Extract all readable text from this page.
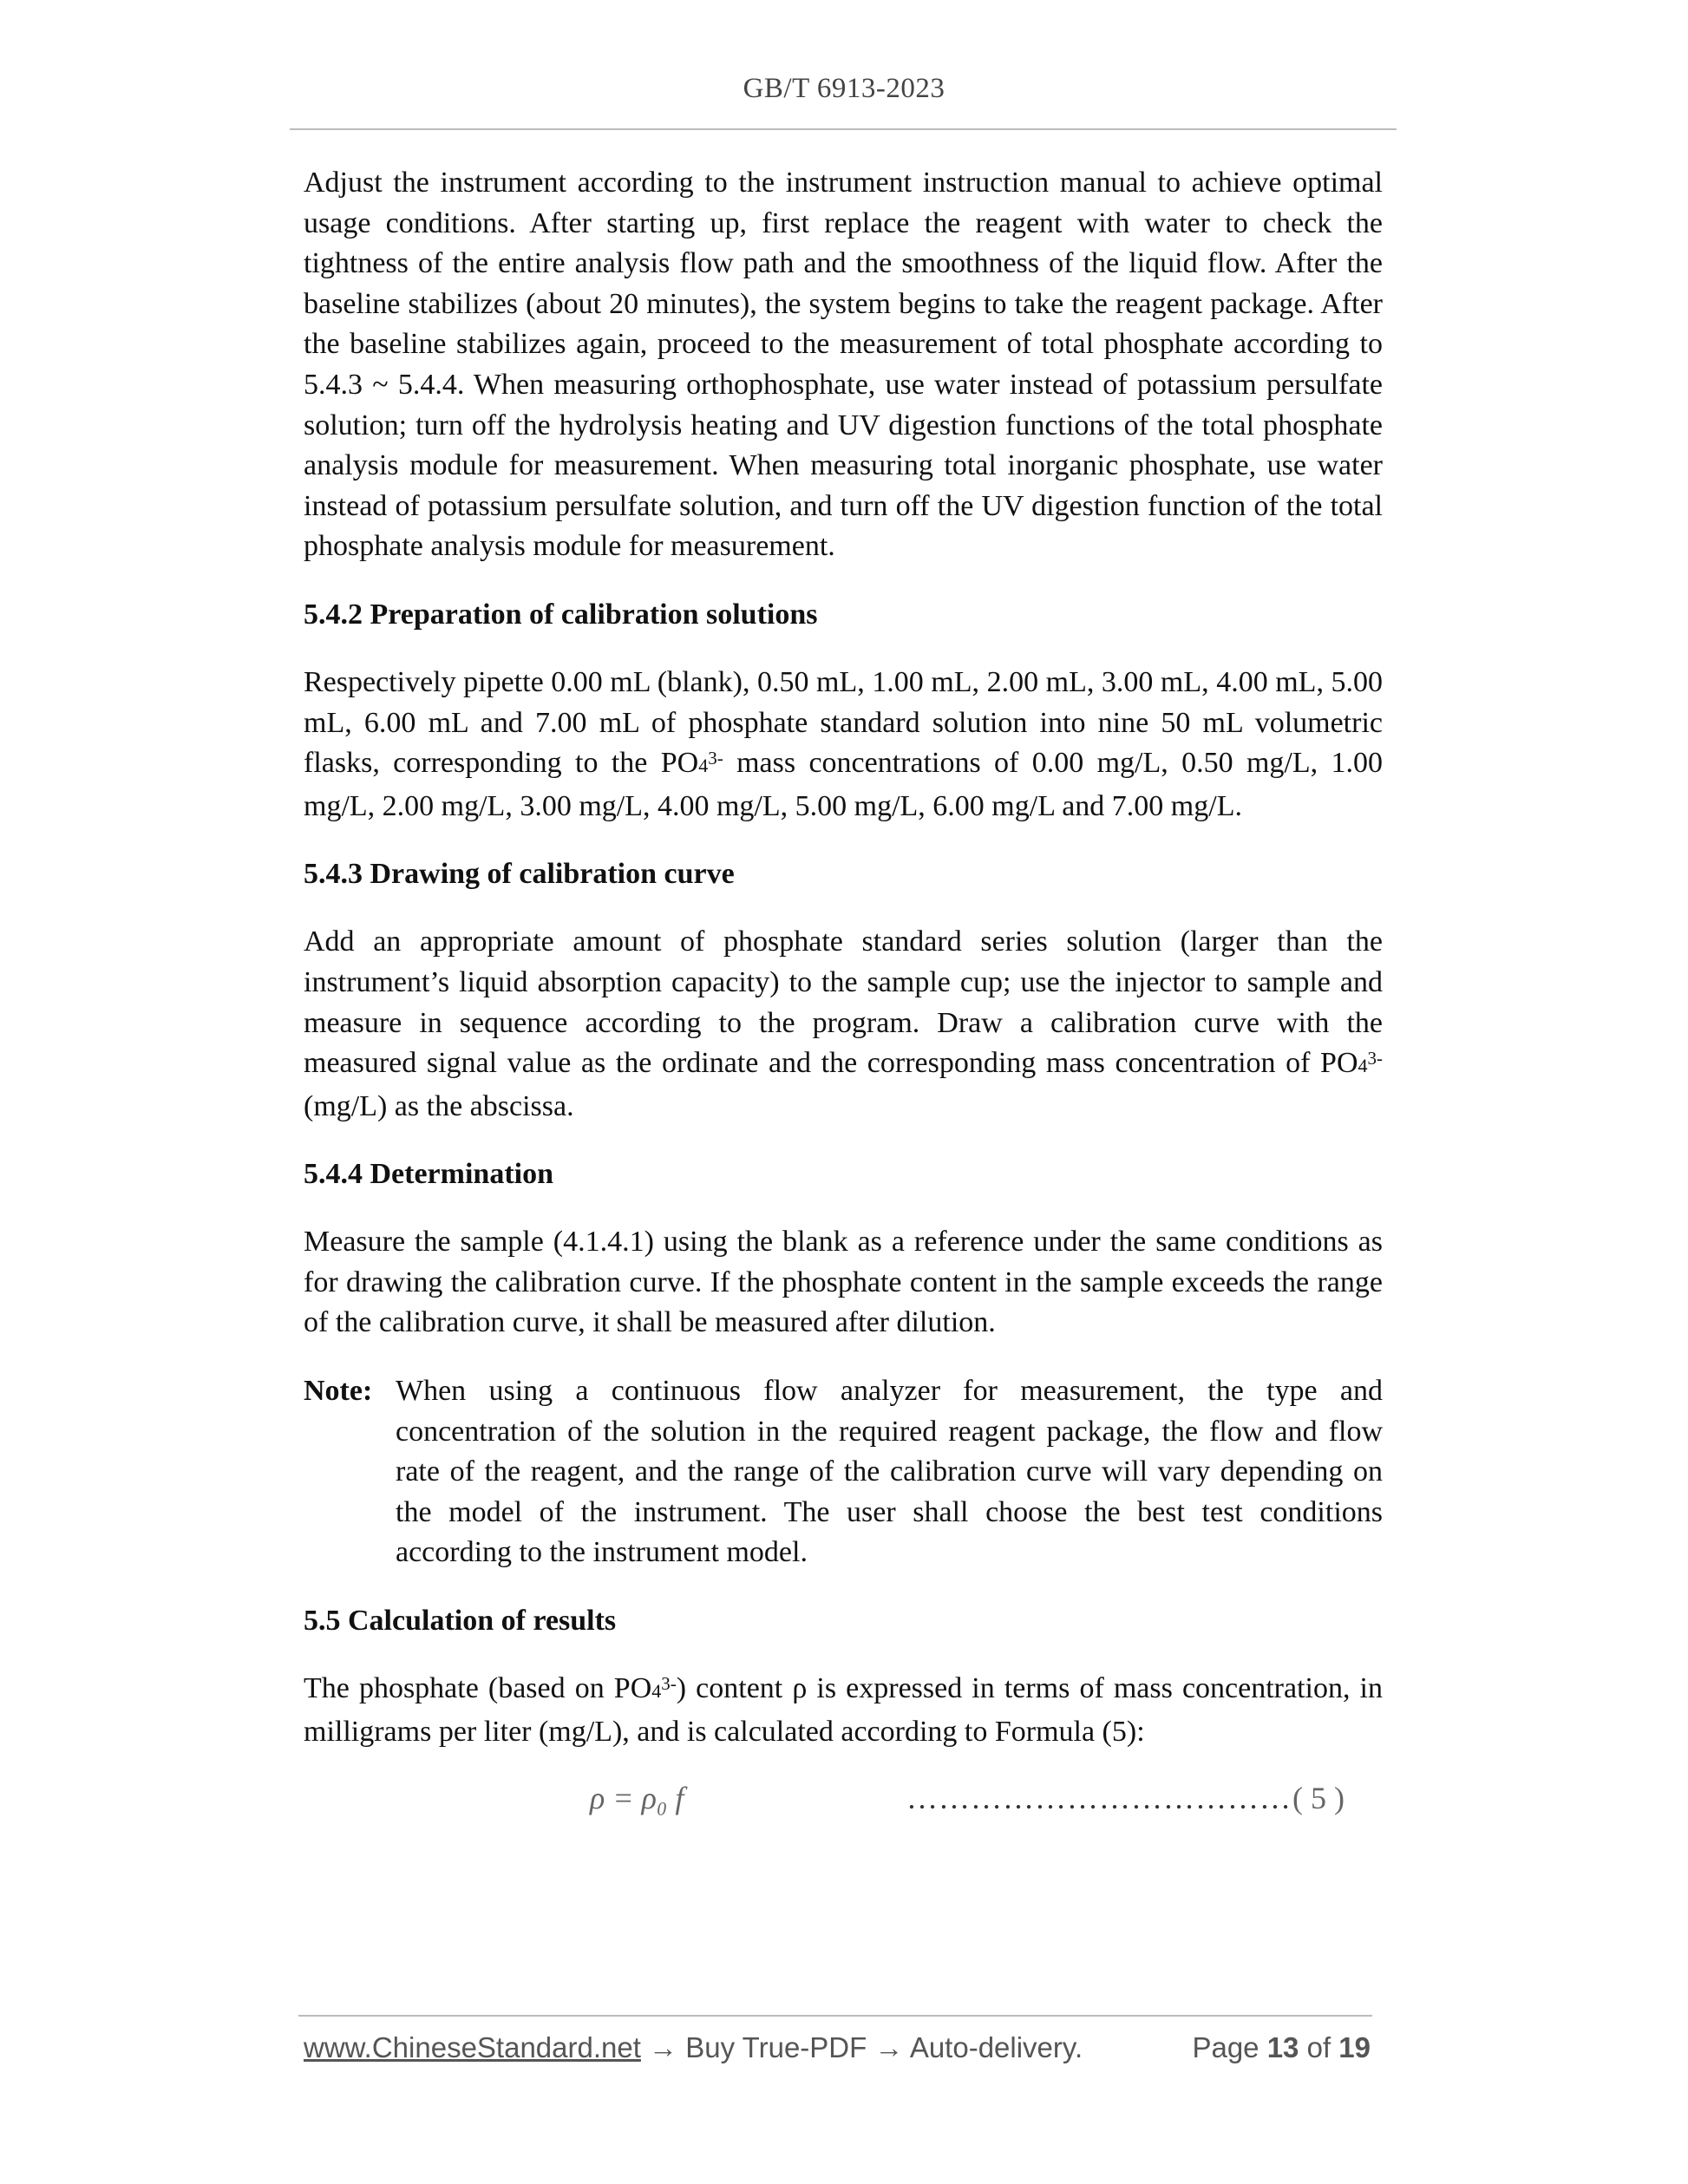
GB/T 6913-2023

Adjust the instrument according to the instrument instruction manual to achieve optimal usage conditions. After starting up, first replace the reagent with water to check the tightness of the entire analysis flow path and the smoothness of the liquid flow. After the baseline stabilizes (about 20 minutes), the system begins to take the reagent package. After the baseline stabilizes again, proceed to the measurement of total phosphate according to 5.4.3 ~ 5.4.4. When measuring orthophosphate, use water instead of potassium persulfate solution; turn off the hydrolysis heating and UV digestion functions of the total phosphate analysis module for measurement. When measuring total inorganic phosphate, use water instead of potassium persulfate solution, and turn off the UV digestion function of the total phosphate analysis module for measurement.

5.4.2 Preparation of calibration solutions

Respectively pipette 0.00 mL (blank), 0.50 mL, 1.00 mL, 2.00 mL, 3.00 mL, 4.00 mL, 5.00 mL, 6.00 mL and 7.00 mL of phosphate standard solution into nine 50 mL volumetric flasks, corresponding to the $PO4^{3-}$ mass concentrations of 0.00 mg/L, 0.50 mg/L, 1.00 mg/L, 2.00 mg/L, 3.00 mg/L, 4.00 mg/L, 5.00 mg/L, 6.00 mg/L and 7.00 mg/L.

5.4.3 Drawing of calibration curve

Add an appropriate amount of phosphate standard series solution (larger than the instrument’s liquid absorption capacity) to the sample cup; use the injector to sample and measure in sequence according to the program. Draw a calibration curve with the measured signal value as the ordinate and the corresponding mass concentration of $PO4^{3-}$ (mg/L) as the abscissa.

5.4.4 Determination

Measure the sample (4.1.4.1) using the blank as a reference under the same conditions as for drawing the calibration curve. If the phosphate content in the sample exceeds the range of the calibration curve, it shall be measured after dilution.

Note: When using a continuous flow analyzer for measurement, the type and concentration of the solution in the required reagent package, the flow and flow rate of the reagent, and the range of the calibration curve will vary depending on the model of the instrument. The user shall choose the best test conditions according to the instrument model.
5.5 Calculation of results

The phosphate (based on $PO4^{3-}$) content ρ is expressed in terms of mass concentration, in milligrams per liter (mg/L), and is calculated according to Formula (5):

ρ = ρ₀ f	……………………………… ( 5 )
www.ChineseStandard.net → Buy True-PDF → Auto-delivery.	Page 13 of 19
